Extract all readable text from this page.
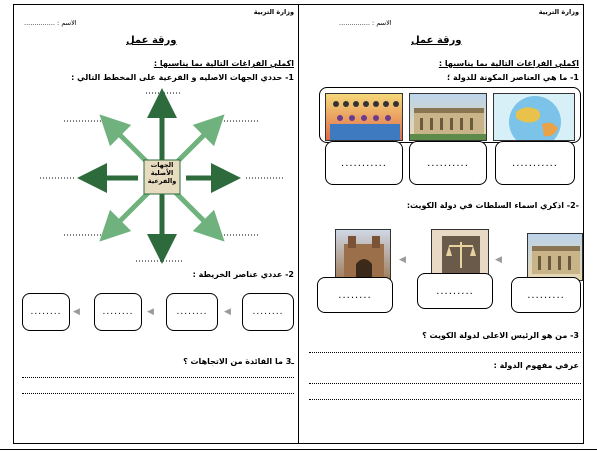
وزارة التربية
الاسم : ...............
ورقة عمل
اكملي الفراغات التالية بما يناسبها :
1- حددي الجهات الاصليه و الفرعية على المخطط التالي :
الجهات
الأصلية
والفرعية
2- عددي عناصر الخريطة :
........	◀	........	◀	........	◀	........
ـ3 ما الفائدة من الاتجاهات ؟
وزارة التربية
الاسم : ...............
ورقة عمل
اكملي الفراغات التالية بما يناسبها :
1- ما هي العناصر المكونة للدولة ؛
...........	..........	...........
-2- اذكري اسماء السلطات في دولة الكويت:
◀	◀
........	.........	.........
3- من هو الرئيس الاعلى لدولة الكويت ؟
عرفي مفهوم الدولة :
